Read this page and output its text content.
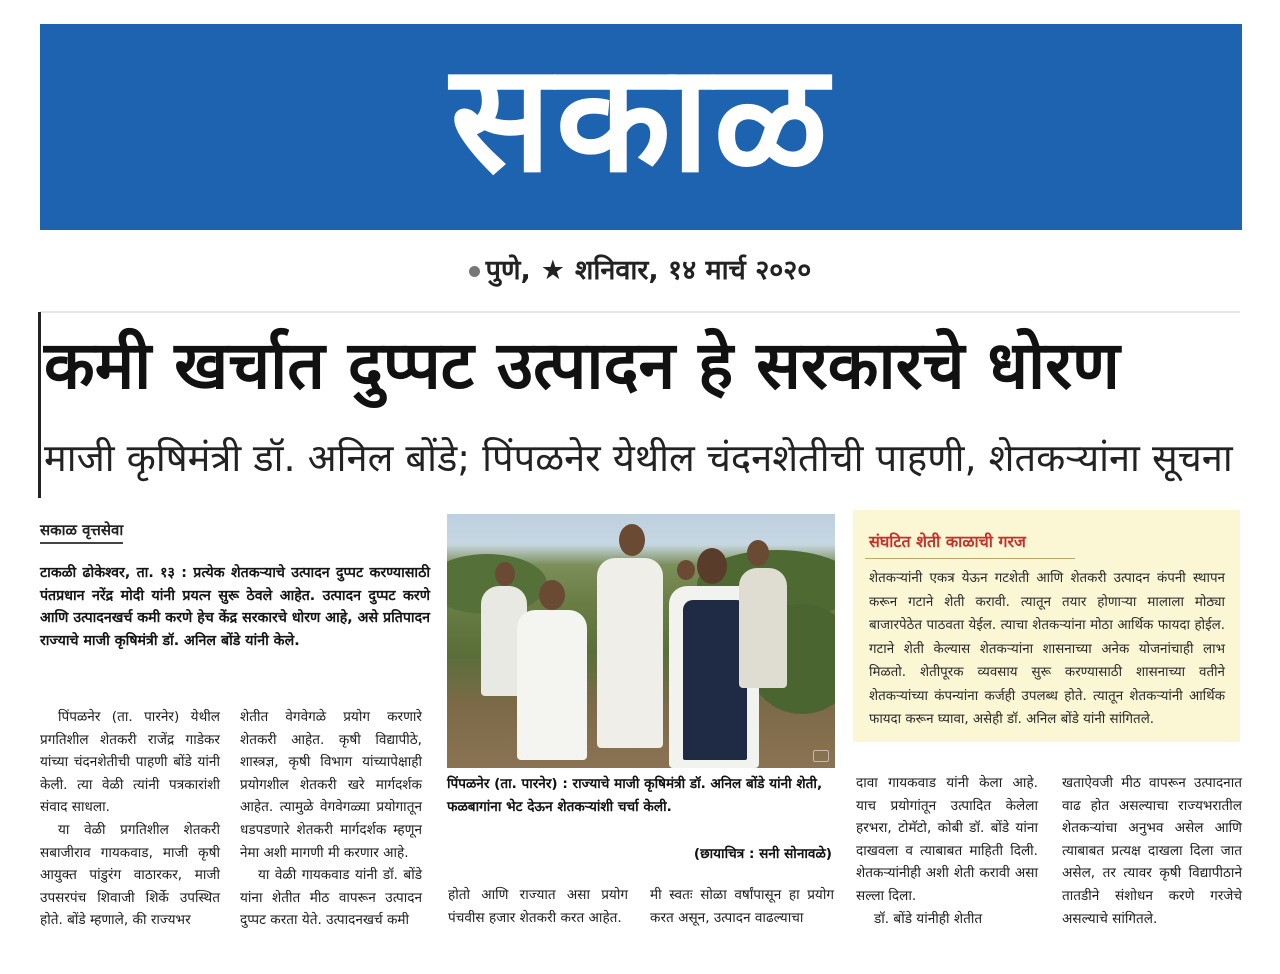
सकाळ
पुणे, ★ शनिवार, १४ मार्च २०२०
कमी खर्चात दुप्पट उत्पादन हे सरकारचे धोरण
माजी कृषिमंत्री डॉ. अनिल बोंडे; पिंपळनेर येथील चंदनशेतीची पाहणी, शेतकऱ्यांना सूचना
सकाळ वृत्तसेवा
टाकळी ढोकेश्वर, ता. १३ : प्रत्येक शेतकऱ्याचे उत्पादन दुप्पट करण्यासाठी पंतप्रधान नरेंद्र मोदी यांनी प्रयत्न सुरू ठेवले आहेत. उत्पादन दुप्पट करणे आणि उत्पादनखर्च कमी करणे हेच केंद्र सरकारचे धोरण आहे, असे प्रतिपादन राज्याचे माजी कृषिमंत्री डॉ. अनिल बोंडे यांनी केले.

पिंपळनेर (ता. पारनेर) येथील प्रगतिशील शेतकरी राजेंद्र गाडेकर यांच्या चंदनशेतीची पाहणी बोंडे यांनी केली. त्या वेळी त्यांनी पत्रकारांशी संवाद साधला.

या वेळी प्रगतिशील शेतकरी सबाजीराव गायकवाड, माजी कृषी आयुक्त पांडुरंग वाठारकर, माजी उपसरपंच शिवाजी शिर्के उपस्थित होते. बोंडे म्हणाले, की राज्यभर

शेतीत वेगवेगळे प्रयोग करणारे शेतकरी आहेत. कृषी विद्यापीठे, शास्त्रज्ञ, कृषी विभाग यांच्यापेक्षाही प्रयोगशील शेतकरी खरे मार्गदर्शक आहेत. त्यामुळे वेगवेगळ्या प्रयोगातून धडपडणारे शेतकरी मार्गदर्शक म्हणून नेमा अशी मागणी मी करणार आहे.

या वेळी गायकवाड यांनी डॉ. बोंडे यांना शेतीत मीठ वापरून उत्पादन दुप्पट करता येते. उत्पादनखर्च कमी

पिंपळनेर (ता. पारनेर) : राज्याचे माजी कृषिमंत्री डॉ. अनिल बोंडे यांनी शेती, फळबागांना भेट देऊन शेतकऱ्यांशी चर्चा केली.
(छायाचित्र : सनी सोनावळे)

होतो आणि राज्यात असा प्रयोग पंचवीस हजार शेतकरी करत आहेत.

मी स्वतः सोळा वर्षांपासून हा प्रयोग करत असून, उत्पादन वाढल्याचा

संघटित शेती काळाची गरज
शेतकऱ्यांनी एकत्र येऊन गटशेती आणि शेतकरी उत्पादन कंपनी स्थापन करून गटाने शेती करावी. त्यातून तयार होणाऱ्या मालाला मोठ्या बाजारपेठेत पाठवता येईल. त्याचा शेतकऱ्यांना मोठा आर्थिक फायदा होईल. गटाने शेती केल्यास शेतकऱ्यांना शासनाच्या अनेक योजनांचाही लाभ मिळतो. शेतीपूरक व्यवसाय सुरू करण्यासाठी शासनाच्या वतीने शेतकऱ्यांच्या कंपन्यांना कर्जही उपलब्ध होते. त्यातून शेतकऱ्यांनी आर्थिक फायदा करून घ्यावा, असेही डॉ. अनिल बोंडे यांनी सांगितले.

दावा गायकवाड यांनी केला आहे. याच प्रयोगांतून उत्पादित केलेला हरभरा, टोमॅटो, कोबी डॉ. बोंडे यांना दाखवला व त्याबाबत माहिती दिली. शेतकऱ्यांनीही अशी शेती करावी असा सल्ला दिला.

डॉ. बोंडे यांनीही शेतीत

खताऐवजी मीठ वापरून उत्पादनात वाढ होत असल्याचा राज्यभरातील शेतकऱ्यांचा अनुभव असेल आणि त्याबाबत प्रत्यक्ष दाखला दिला जात असेल, तर त्यावर कृषी विद्यापीठाने तातडीने संशोधन करणे गरजेचे असल्याचे सांगितले.
